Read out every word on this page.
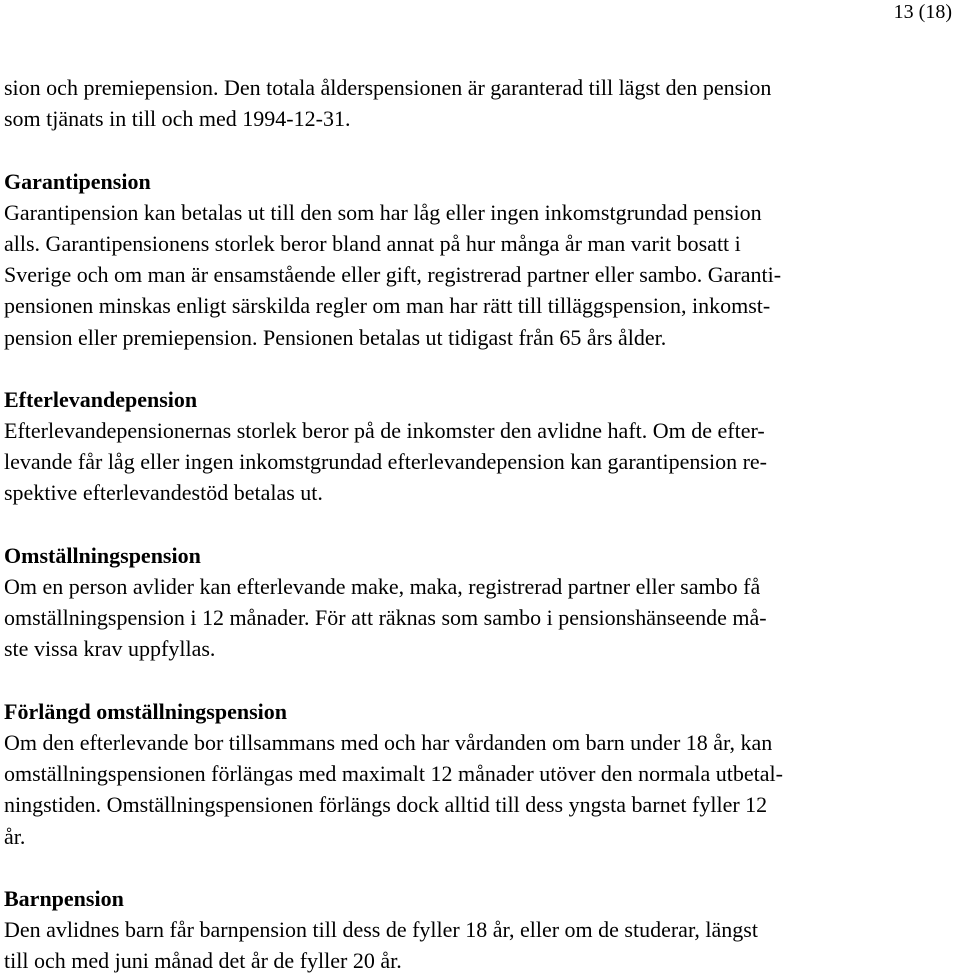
13 (18)
sion och premiepension. Den totala ålderspensionen är garanterad till lägst den pension
som tjänats in till och med 1994-12-31.
Garantipension
Garantipension kan betalas ut till den som har låg eller ingen inkomstgrundad pension
alls. Garantipensionens storlek beror bland annat på hur många år man varit bosatt i
Sverige och om man är ensamstående eller gift, registrerad partner eller sambo. Garanti-
pensionen minskas enligt särskilda regler om man har rätt till tilläggspension, inkomst-
pension eller premiepension. Pensionen betalas ut tidigast från 65 års ålder.
Efterlevandepension
Efterlevandepensionernas storlek beror på de inkomster den avlidne haft. Om de efter-
levande får låg eller ingen inkomstgrundad efterlevandepension kan garantipension re-
spektive efterlevandestöd betalas ut.
Omställningspension
Om en person avlider kan efterlevande make, maka, registrerad partner eller sambo få
omställningspension i 12 månader. För att räknas som sambo i pensionshänseende må-
ste vissa krav uppfyllas.
Förlängd omställningspension
Om den efterlevande bor tillsammans med och har vårdanden om barn under 18 år, kan
omställningspensionen förlängas med maximalt 12 månader utöver den normala utbetal-
ningstiden. Omställningspensionen förlängs dock alltid till dess yngsta barnet fyller 12
år.
Barnpension
Den avlidnes barn får barnpension till dess de fyller 18 år, eller om de studerar, längst
till och med juni månad det år de fyller 20 år.
